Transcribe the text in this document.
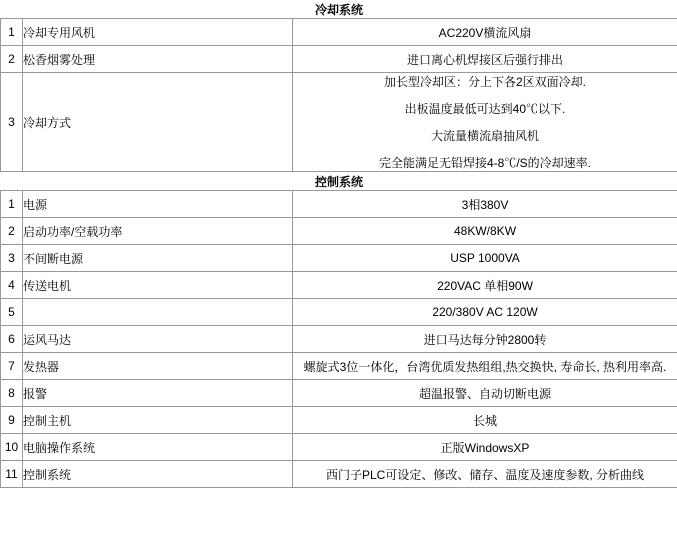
冷却系统		
1	冷却专用风机	AC220V横流风扇
2	松香烟雾处理	进口离心机焊接区后强行排出
3	冷却方式	加长型冷却区：分上下各2区双面冷却.
出板温度最低可达到40℃以下.
大流量横流扇抽风机
完全能满足无铅焊接4-8℃/S的冷却速率.
控制系统		
1	电源	3相380V
2	启动功率/空载功率	48KW/8KW
3	不间断电源	USP 1000VA
4	传送电机	220VAC 单相90W
5		220/380V AC 120W
6	运风马达	进口马达每分钟2800转
7	发热器	螺旋式3位一体化，台湾优质发热组组,热交换快, 寿命长, 热利用率高.
8	报警	超温报警、自动切断电源
9	控制主机	长城
10	电脑操作系统	正版WindowsXP
11	控制系统	西门子PLC可设定、修改、储存、温度及速度参数, 分析曲线
